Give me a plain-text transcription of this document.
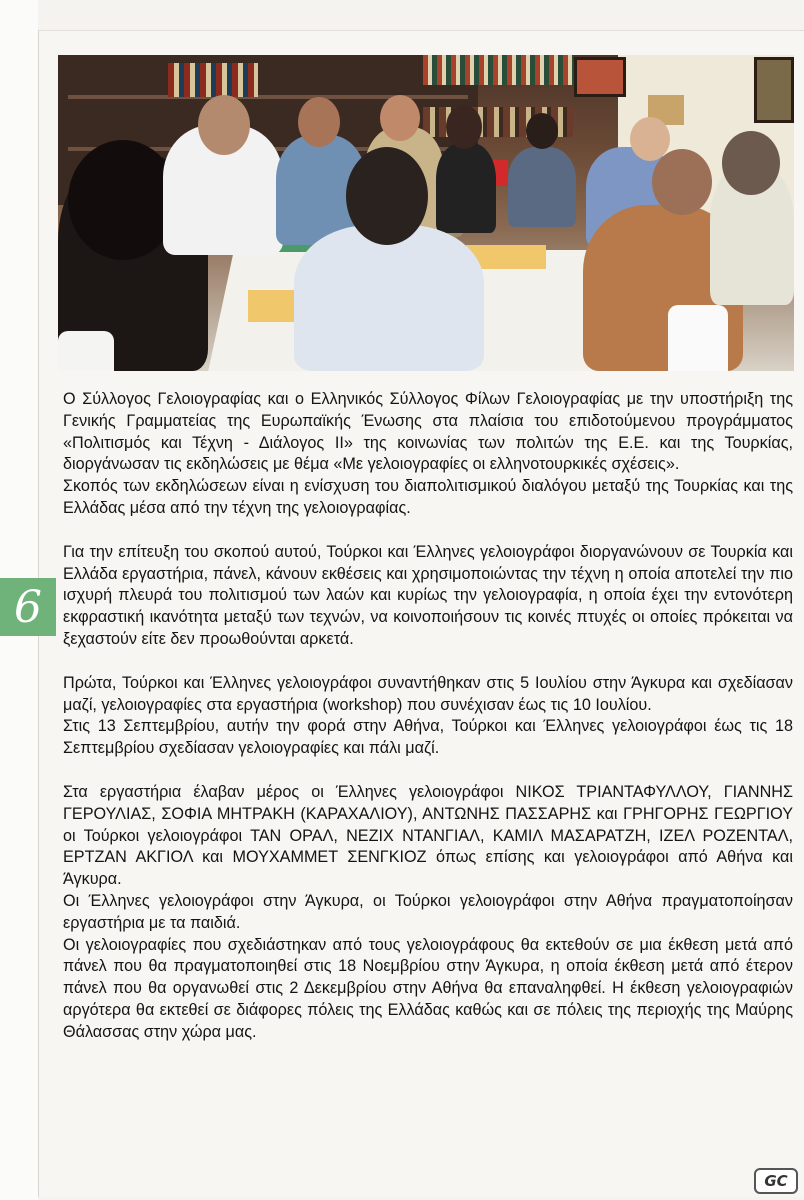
6

Ο Σύλλογος Γελοιογραφίας και ο Ελληνικός Σύλλογος Φίλων Γελοιογραφίας με την υποστήριξη της Γενικής Γραμματείας της Ευρωπαϊκής Ένωσης στα πλαίσια του επιδοτούμενου προγράμματος «Πολιτισμός και Τέχνη - Διάλογος ΙΙ» της κοινωνίας των πολιτών της Ε.Ε. και της Τουρκίας, διοργάνωσαν τις εκδηλώσεις με θέμα «Με γελοιογραφίες οι ελληνοτουρκικές σχέσεις».

Σκοπός των εκδηλώσεων είναι η ενίσχυση του διαπολιτισμικού διαλόγου μεταξύ της Τουρκίας και της Ελλάδας μέσα από την τέχνη της γελοιογραφίας.

Για την επίτευξη του σκοπού αυτού, Τούρκοι και Έλληνες γελοιογράφοι διοργανώνουν σε Τουρκία και Ελλάδα εργαστήρια, πάνελ, κάνουν εκθέσεις και χρησιμοποιώντας την τέχνη η οποία αποτελεί την πιο ισχυρή πλευρά του πολιτισμού των λαών και κυρίως την γελοιογραφία, η οποία έχει την εντονότερη εκφραστική ικανότητα μεταξύ των τεχνών, να κοινοποιήσουν τις κοινές πτυχές οι οποίες πρόκειται να ξεχαστούν είτε δεν προωθούνται αρκετά.

Πρώτα, Τούρκοι και Έλληνες γελοιογράφοι συναντήθηκαν στις 5 Ιουλίου στην Άγκυρα και σχεδίασαν μαζί, γελοιογραφίες στα εργαστήρια (workshop) που συνέχισαν έως τις 10 Ιουλίου.

Στις 13 Σεπτεμβρίου, αυτήν την φορά στην Αθήνα, Τούρκοι και Έλληνες γελοιογράφοι έως τις 18 Σεπτεμβρίου σχεδίασαν γελοιογραφίες και πάλι μαζί.

Στα εργαστήρια έλαβαν μέρος οι Έλληνες γελοιογράφοι ΝΙΚΟΣ ΤΡΙΑΝΤΑΦΥΛΛΟΥ, ΓΙΑΝΝΗΣ ΓΕΡΟΥΛΙΑΣ, ΣΟΦΙΑ ΜΗΤΡΑΚΗ (ΚΑΡΑΧΑΛΙΟΥ), ΑΝΤΩΝΗΣ ΠΑΣΣΑΡΗΣ και ΓΡΗΓΟΡΗΣ ΓΕΩΡΓΙΟΥ οι Τούρκοι γελοιογράφοι ΤΑΝ ΟΡΑΛ, ΝΕΖΙΧ ΝΤΑΝΓΙΑΛ, ΚΑΜΙΛ ΜΑΣΑΡΑΤΖΗ, ΙΖΕΛ ΡΟΖΕΝΤΑΛ, ΕΡΤΖΑΝ ΑΚΓΙΟΛ και ΜΟΥΧΑΜΜΕΤ ΣΕΝΓΚΙΟΖ όπως επίσης και γελοιογράφοι από Αθήνα και Άγκυρα.

Οι Έλληνες γελοιογράφοι στην Άγκυρα, οι Τούρκοι γελοιογράφοι στην Αθήνα πραγματοποίησαν εργαστήρια με τα παιδιά.

Οι γελοιογραφίες που σχεδιάστηκαν από τους γελοιογράφους θα εκτεθούν σε μια έκθεση μετά από πάνελ που θα πραγματοποιηθεί στις 18 Νοεμβρίου στην Άγκυρα, η οποία έκθεση μετά από έτερον πάνελ που θα οργανωθεί στις 2 Δεκεμβρίου στην Αθήνα θα επαναληφθεί. Η έκθεση γελοιογραφιών αργότερα θα εκτεθεί σε διάφορες πόλεις της Ελλάδας καθώς και σε πόλεις της περιοχής της Μαύρης Θάλασσας στην χώρα μας.

GC
